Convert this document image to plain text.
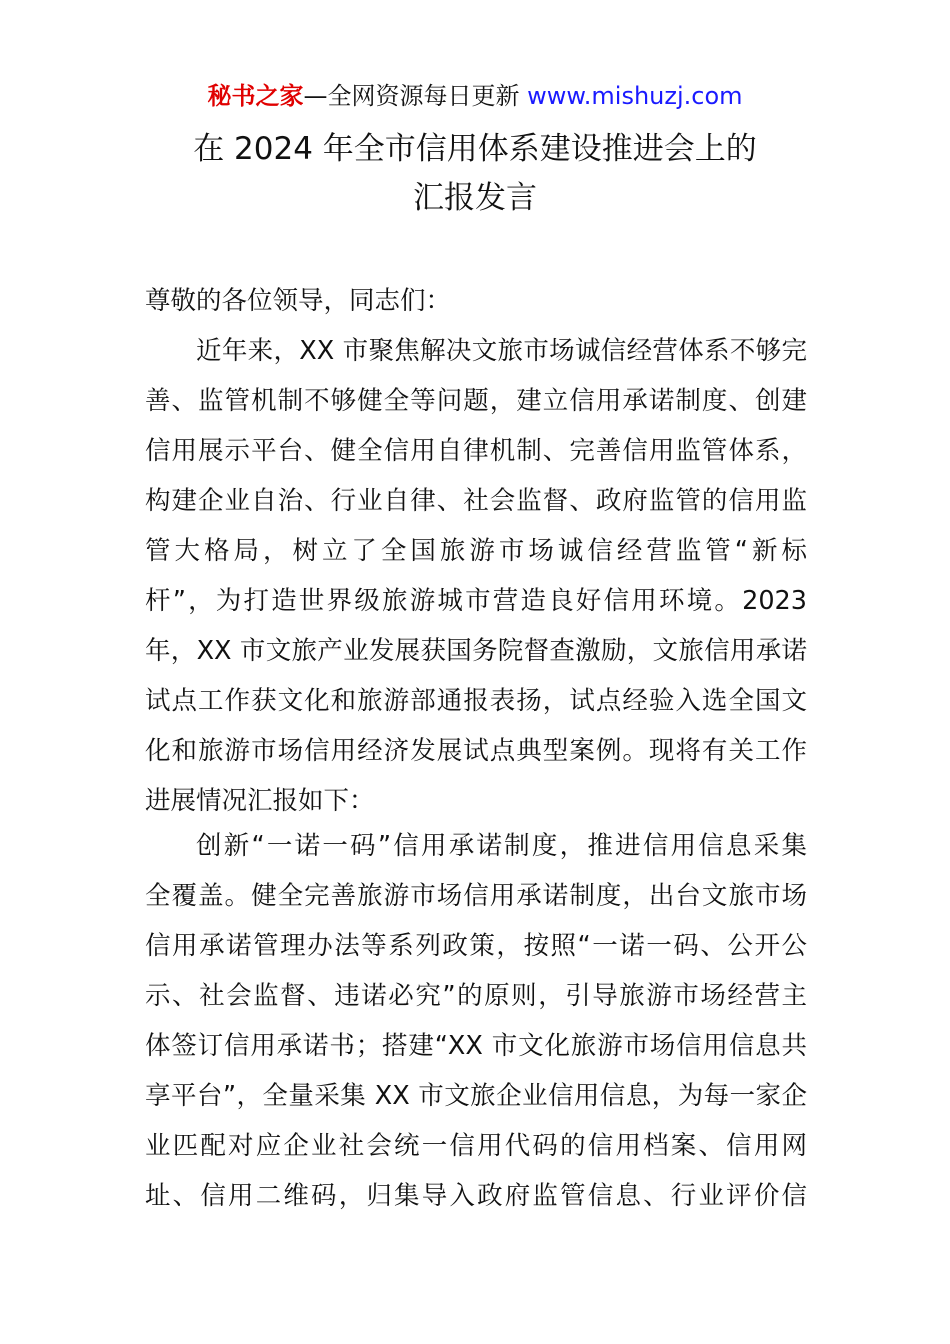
秘书之家—全网资源每日更新 www.mishuzj.com
在 2024 年全市信用体系建设推进会上的
汇报发言
尊敬的各位领导，同志们：
近年来，XX 市聚焦解决文旅市场诚信经营体系不够完
善、监管机制不够健全等问题，建立信用承诺制度、创建
信用展示平台、健全信用自律机制、完善信用监管体系，
构建企业自治、行业自律、社会监督、政府监管的信用监
管大格局，树立了全国旅游市场诚信经营监管“新标
杆”，为打造世界级旅游城市营造良好信用环境。2023
年，XX 市文旅产业发展获国务院督查激励，文旅信用承诺
试点工作获文化和旅游部通报表扬，试点经验入选全国文
化和旅游市场信用经济发展试点典型案例。现将有关工作
进展情况汇报如下：
创新“一诺一码”信用承诺制度，推进信用信息采集
全覆盖。健全完善旅游市场信用承诺制度，出台文旅市场
信用承诺管理办法等系列政策，按照“一诺一码、公开公
示、社会监督、违诺必究”的原则，引导旅游市场经营主
体签订信用承诺书；搭建“XX 市文化旅游市场信用信息共
享平台”，全量采集 XX 市文旅企业信用信息，为每一家企
业匹配对应企业社会统一信用代码的信用档案、信用网
址、信用二维码，归集导入政府监管信息、行业评价信
